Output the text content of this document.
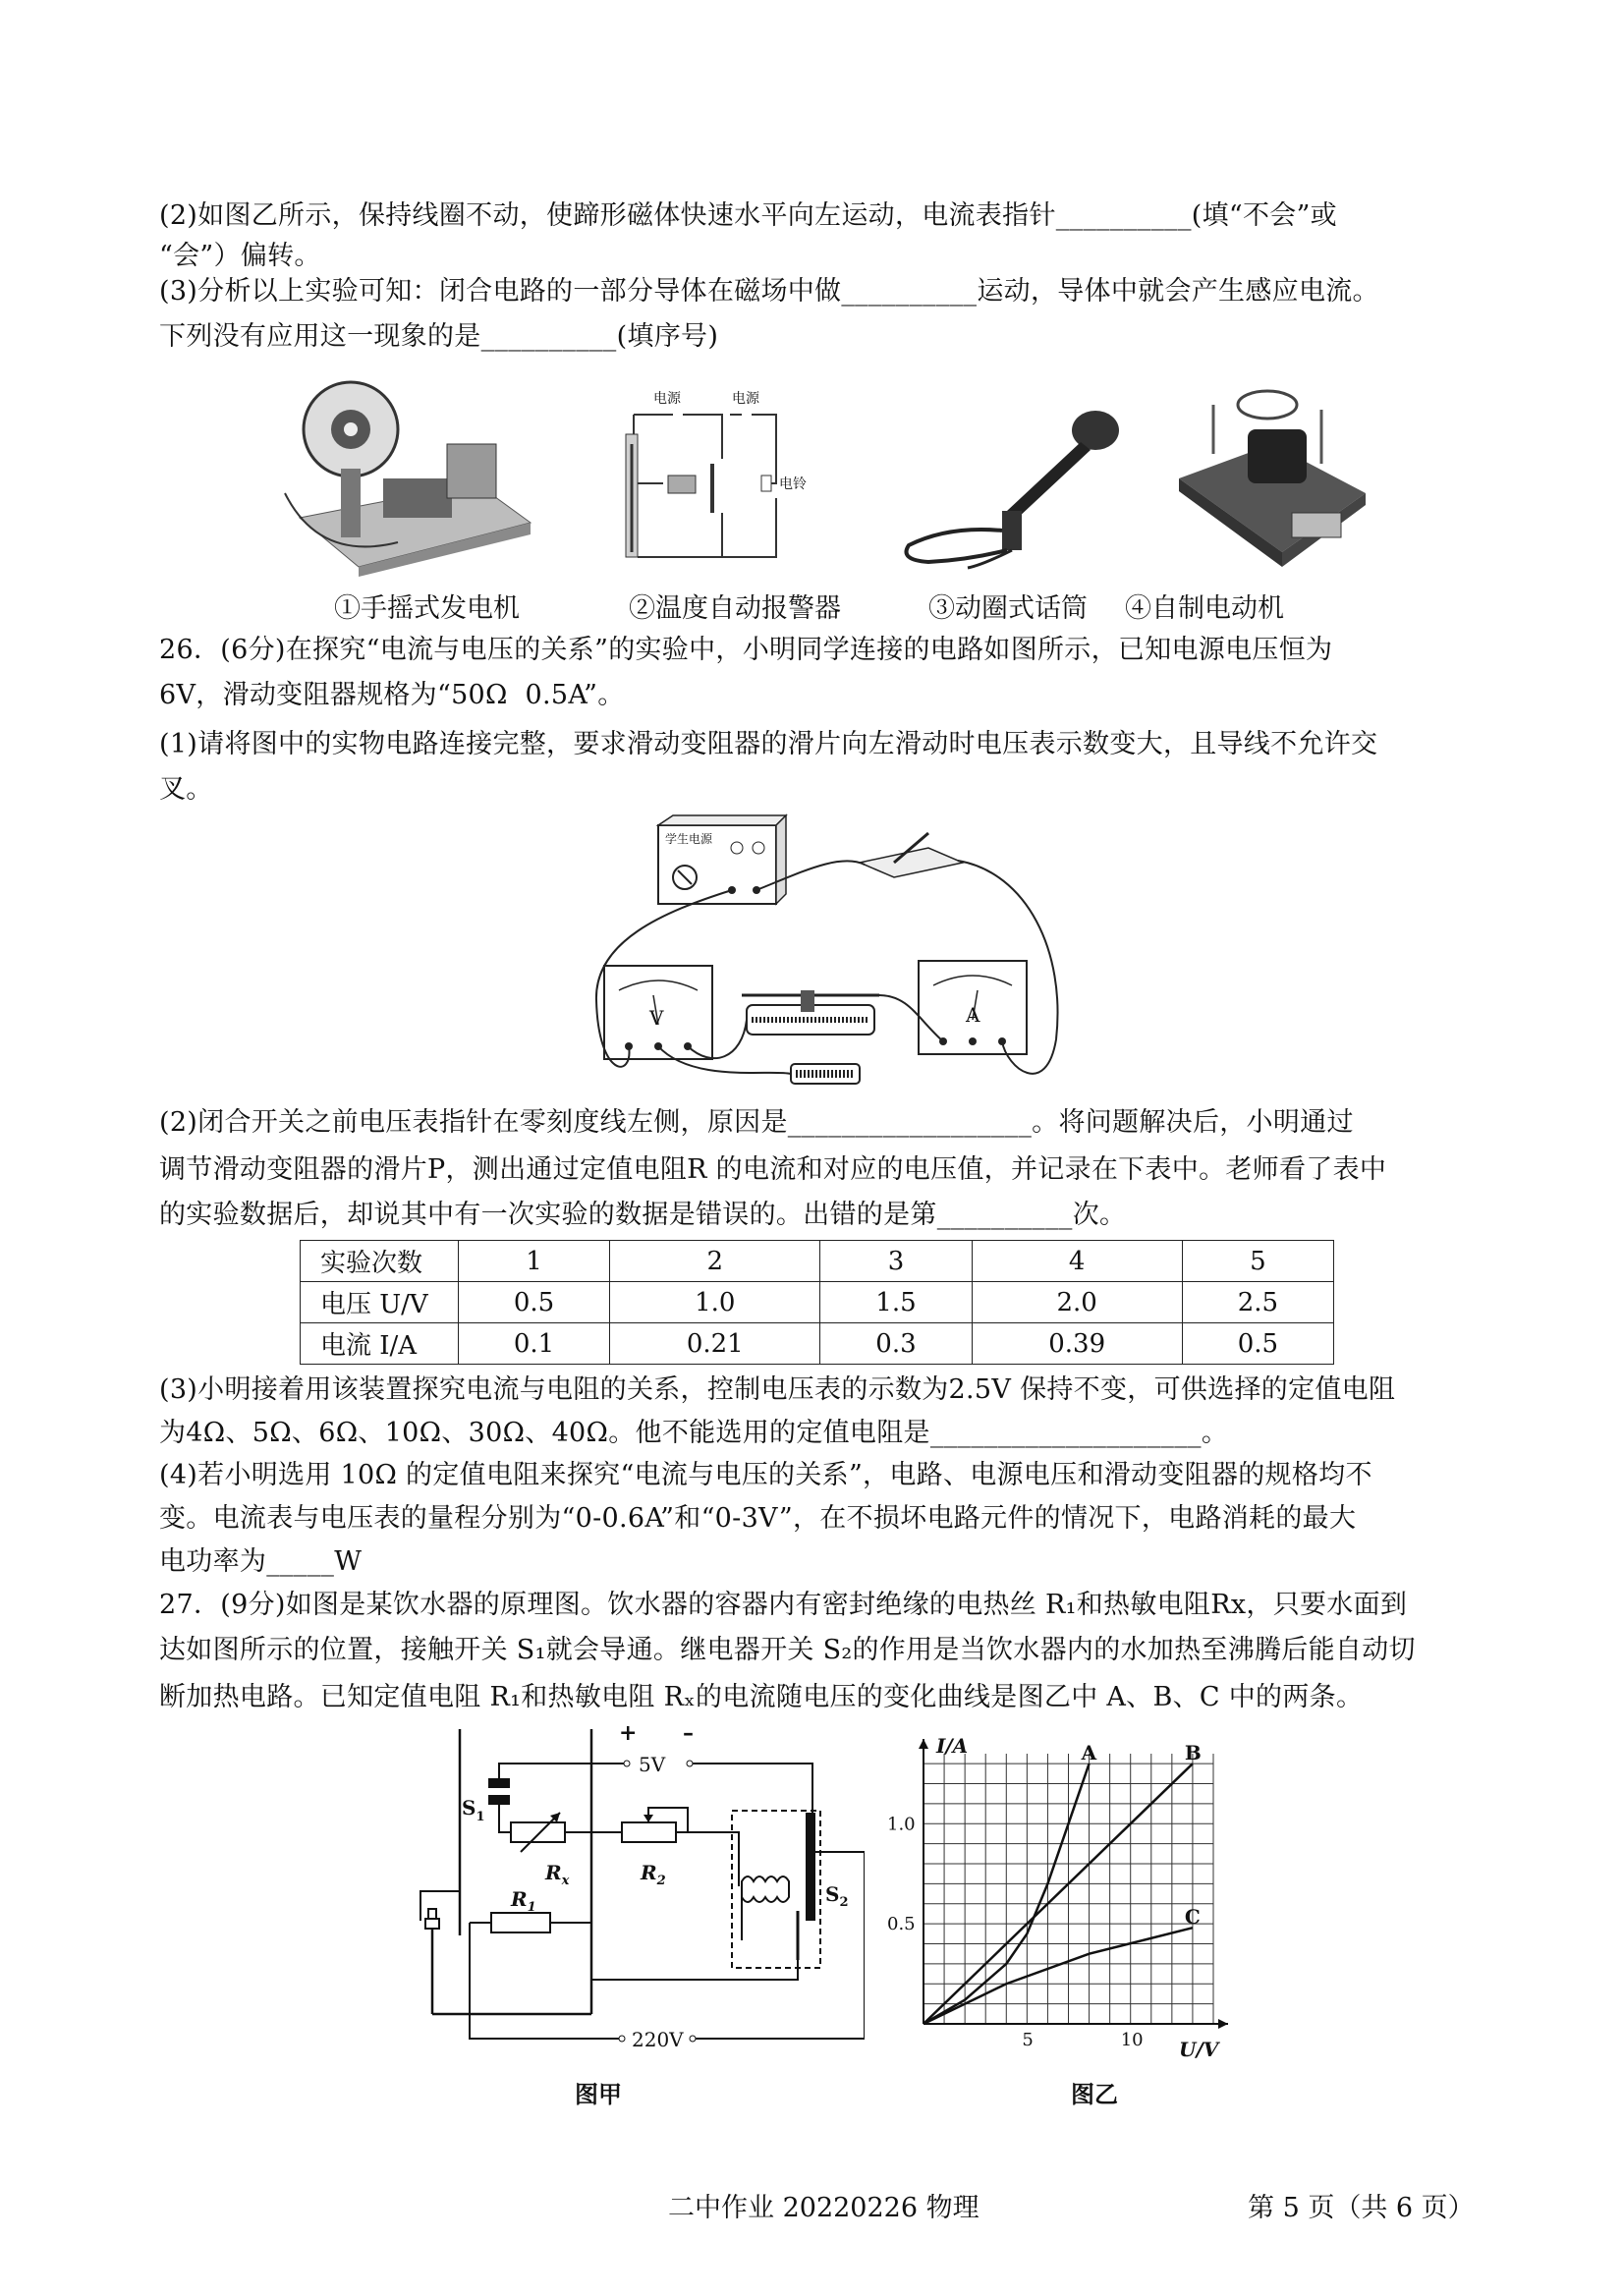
(2)如图乙所示，保持线圈不动，使蹄形磁体快速水平向左运动，电流表指针__________(填“不会”或
“会”）偏转。
(3)分析以上实验可知：闭合电路的一部分导体在磁场中做__________运动，导体中就会产生感应电流。
下列没有应用这一现象的是__________(填序号)
电源	电源
电铃
①手摇式发电机	②温度自动报警器	③动圈式话筒 ④自制电动机
26．(6分)在探究“电流与电压的关系”的实验中，小明同学连接的电路如图所示，已知电源电压恒为
6V，滑动变阻器规格为“50Ω  0.5A”。
(1)请将图中的实物电路连接完整，要求滑动变阻器的滑片向左滑动时电压表示数变大，且导线不允许交
叉。
学生电源
V	A
(2)闭合开关之前电压表指针在零刻度线左侧，原因是__________________。将问题解决后，小明通过
调节滑动变阻器的滑片P，测出通过定值电阻R 的电流和对应的电压值，并记录在下表中。老师看了表中
的实验数据后，却说其中有一次实验的数据是错误的。出错的是第__________次。
实验次数	1	2	3	4	5
电压 U/V	0.5	1.0	1.5	2.0	2.5
电流 I/A	0.1	0.21	0.3	0.39	0.5
(3)小明接着用该装置探究电流与电阻的关系，控制电压表的示数为2.5V 保持不变，可供选择的定值电阻
为4Ω、5Ω、6Ω、10Ω、30Ω、40Ω。他不能选用的定值电阻是____________________。
(4)若小明选用 10Ω 的定值电阻来探究“电流与电压的关系”，电路、电源电压和滑动变阻器的规格均不
变。电流表与电压表的量程分别为“0-0.6A”和“0-3V”，在不损坏电路元件的情况下，电路消耗的最大
电功率为_____W
27．(9分)如图是某饮水器的原理图。饮水器的容器内有密封绝缘的电热丝 R₁和热敏电阻Rx，只要水面到
达如图所示的位置，接触开关 S₁就会导通。继电器开关 S₂的作用是当饮水器内的水加热至沸腾后能自动切
断加热电路。已知定值电阻 R₁和热敏电阻 Rₓ的电流随电压的变化曲线是图乙中 A、B、C 中的两条。
+ –
5V
$S_1$
$R_x$	$R_2$
$S_2$
$R_1$
220V
图甲
I/A
U/V
1.0
0.5
5	10
A	B
C
图乙
二中作业 20220226 物理	第 5 页（共 6 页）
